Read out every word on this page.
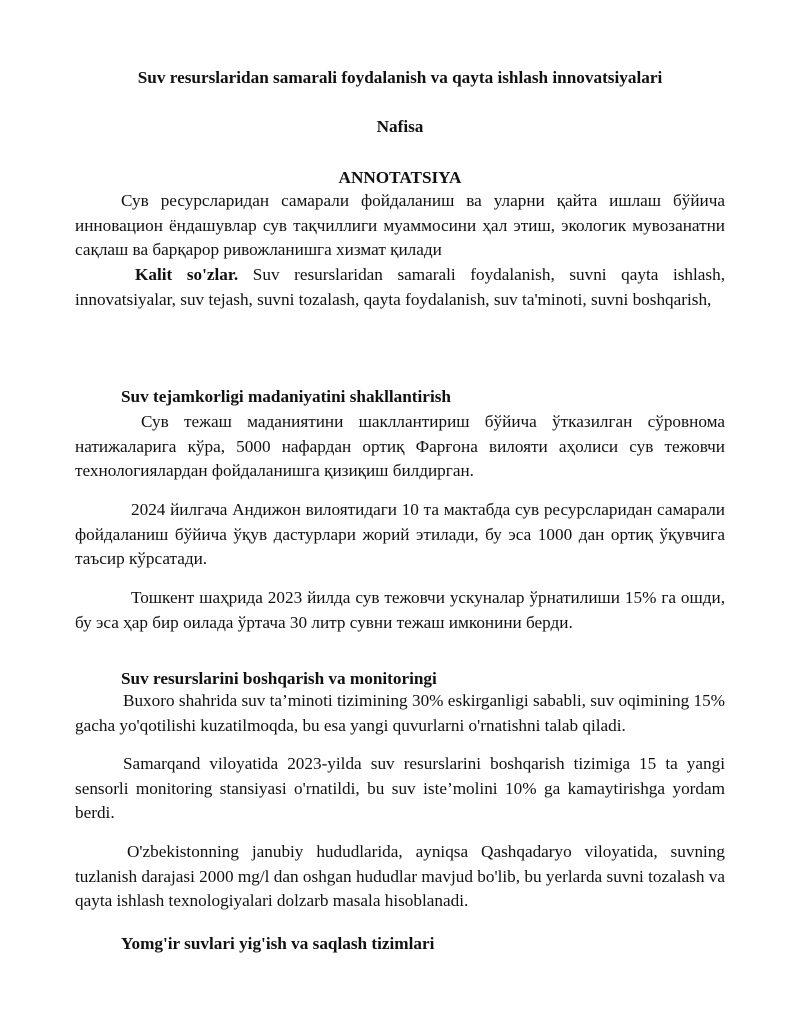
Suv resurslaridan samarali foydalanish va qayta ishlash innovatsiyalari

Nafisa

ANNOTATSIYA

Сув ресурсларидан самарали фойдаланиш ва уларни қайта ишлаш бўйича инновацион ёндашувлар сув тақчиллиги муаммосини ҳал этиш, экологик мувозанатни сақлаш ва барқарор ривожланишга хизмат қилади

Kalit so'zlar. Suv resurslaridan samarali foydalanish, suvni qayta ishlash, innovatsiyalar, suv tejash, suvni tozalash, qayta foydalanish, suv ta'minoti, suvni boshqarish,

Suv tejamkorligi madaniyatini shakllantirish

Сув тежаш маданиятини шакллантириш бўйича ўтказилган сўровнома натижаларига кўра, 5000 нафардан ортиқ Фарғона вилояти аҳолиси сув тежовчи технологиялардан фойдаланишга қизиқиш билдирган.

2024 йилгача Андижон вилоятидаги 10 та мактабда сув ресурсларидан самарали фойдаланиш бўйича ўқув дастурлари жорий этилади, бу эса 1000 дан ортиқ ўқувчига таъсир кўрсатади.

Тошкент шаҳрида 2023 йилда сув тежовчи ускуналар ўрнатилиши 15% га ошди, бу эса ҳар бир оилада ўртача 30 литр сувни тежаш имконини берди.

Suv resurslarini boshqarish va monitoringi

Buxoro shahrida suv ta’minoti tizimining 30% eskirganligi sababli, suv oqimining 15% gacha yo'qotilishi kuzatilmoqda, bu esa yangi quvurlarni o'rnatishni talab qiladi.

Samarqand viloyatida 2023-yilda suv resurslarini boshqarish tizimiga 15 ta yangi sensorli monitoring stansiyasi o'rnatildi, bu suv iste’molini 10% ga kamaytirishga yordam berdi.

O'zbekistonning janubiy hududlarida, ayniqsa Qashqadaryo viloyatida, suvning tuzlanish darajasi 2000 mg/l dan oshgan hududlar mavjud bo'lib, bu yerlarda suvni tozalash va qayta ishlash texnologiyalari dolzarb masala hisoblanadi.

Yomg'ir suvlari yig'ish va saqlash tizimlari
